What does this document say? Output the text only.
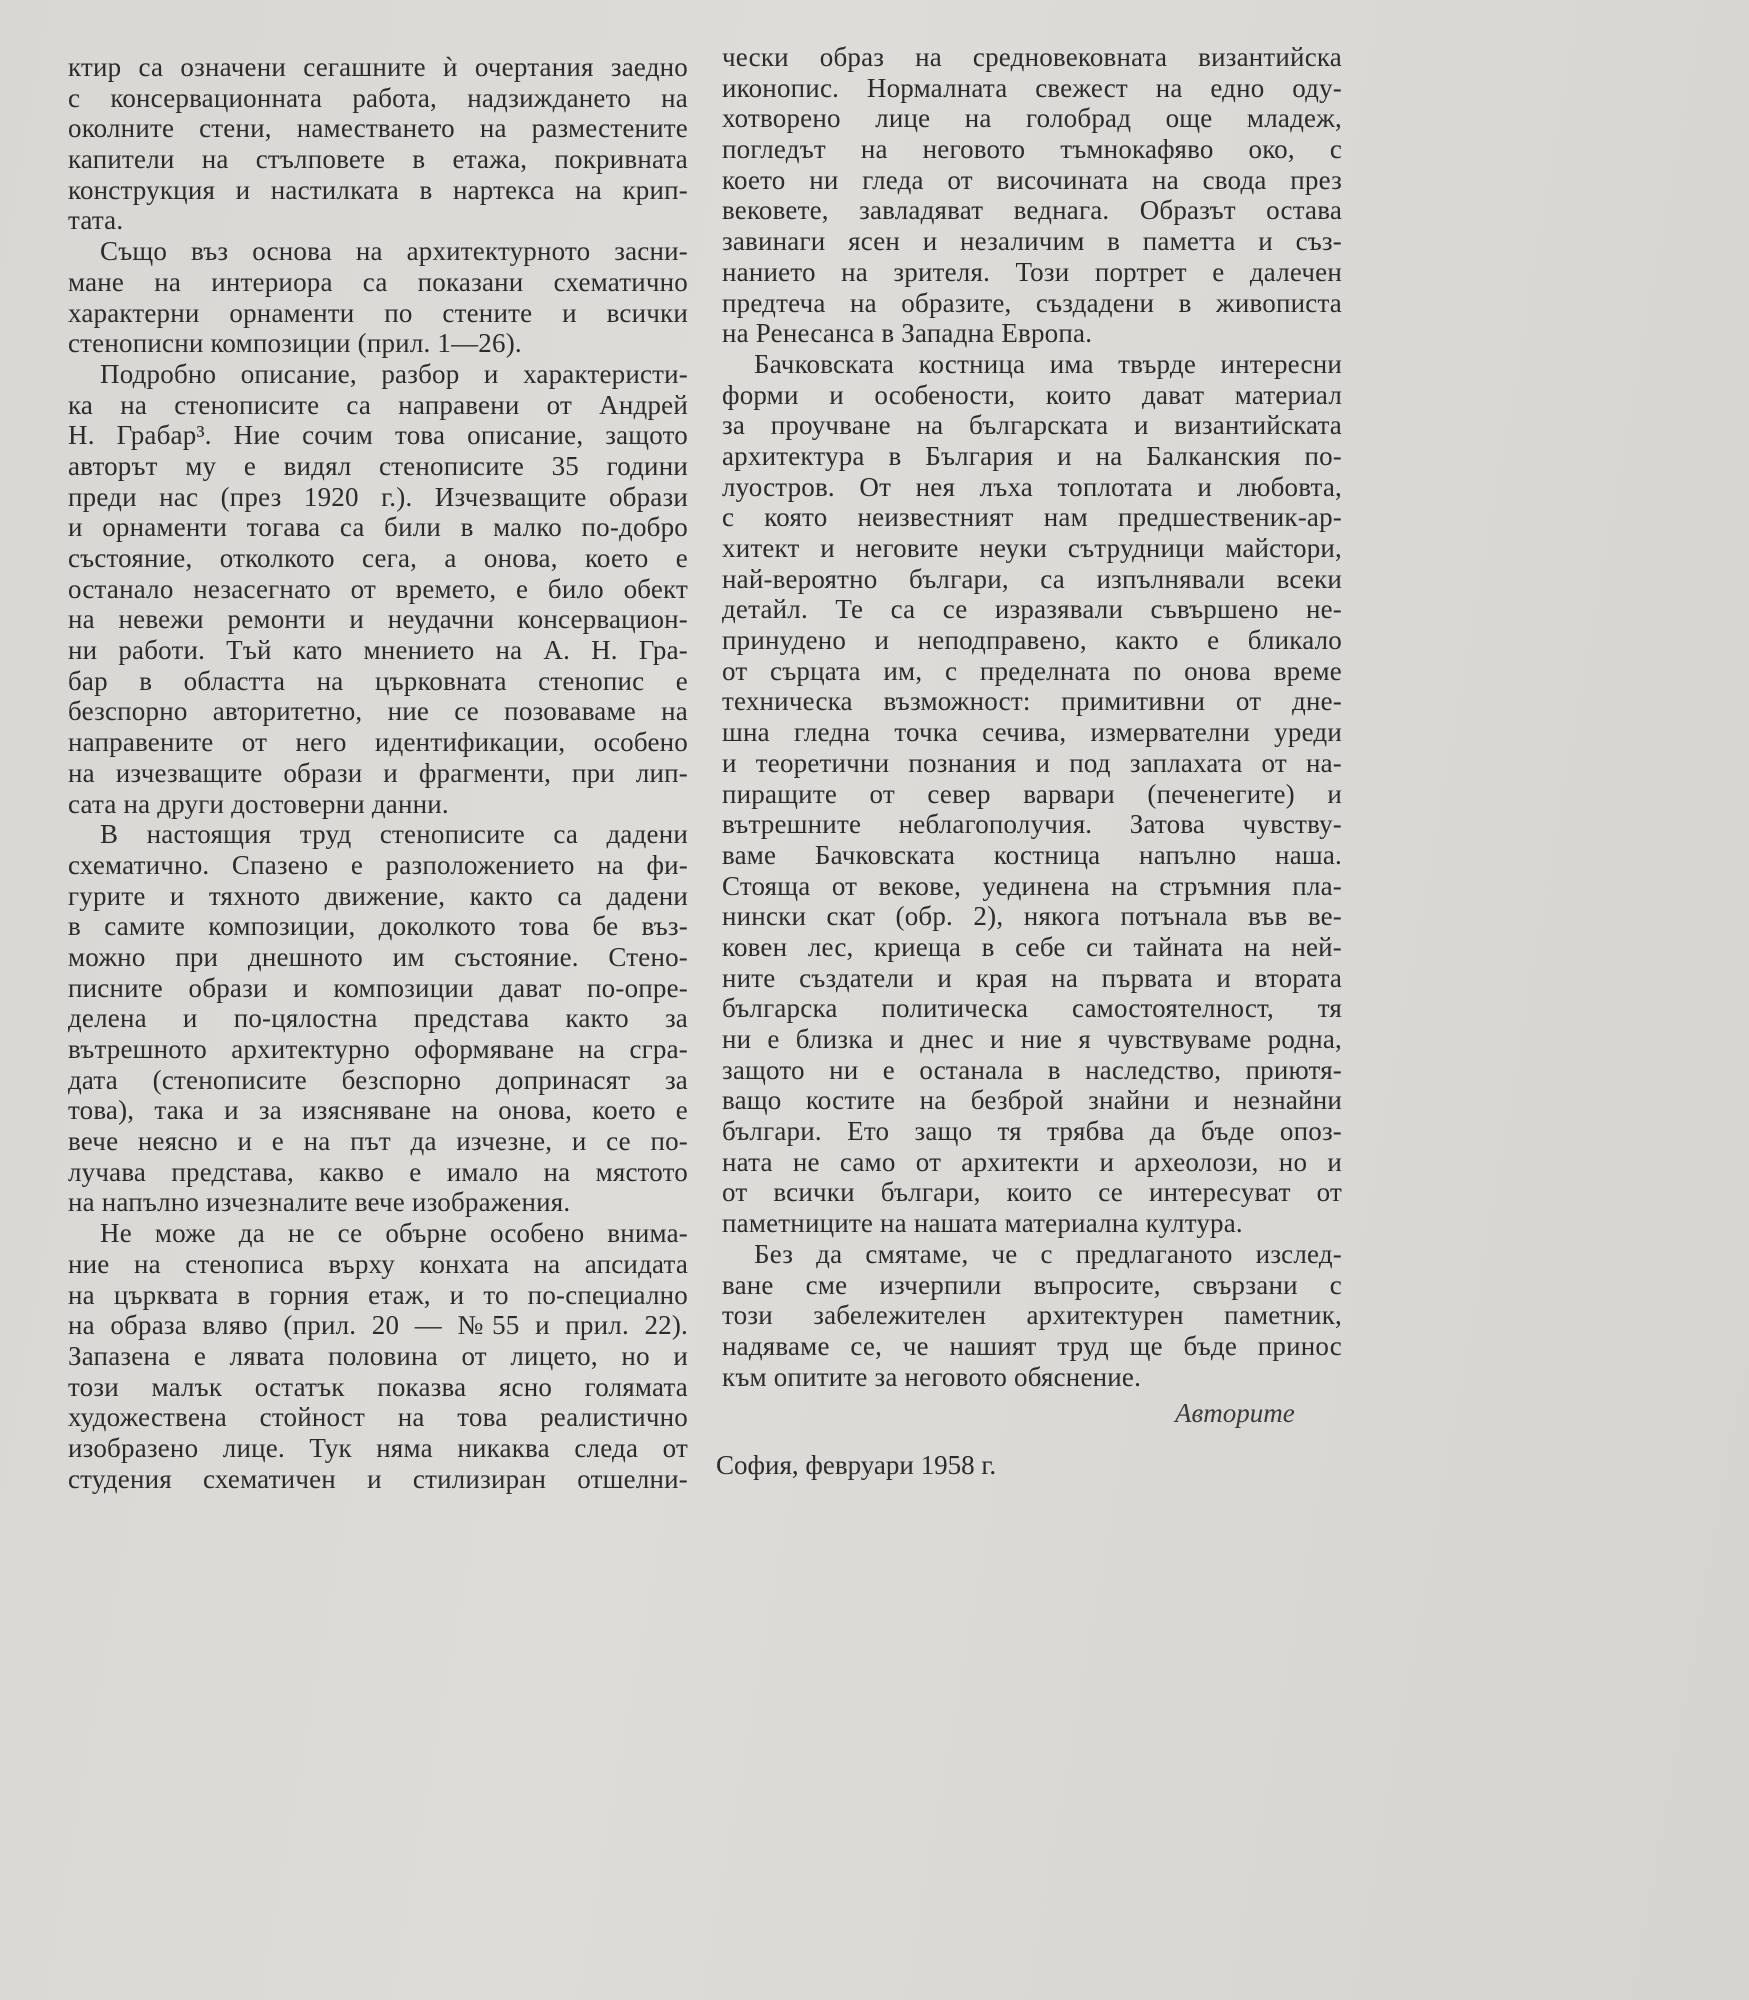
ктир са означени сегашните ѝ очертания заедно
с консервационната работа, надзиждането на
околните стени, наместването на разместените
капители на стълповете в етажа, покривната
конструкция и настилката в нартекса на крип-
тата.
Също въз основа на архитектурното засни-
мане на интериора са показани схематично
характерни орнаменти по стените и всички
стенописни композиции (прил. 1—26).
Подробно описание, разбор и характеристи-
ка на стенописите са направени от Андрей
Н. Грабар³. Ние сочим това описание, защото
авторът му е видял стенописите 35 години
преди нас (през 1920 г.). Изчезващите образи
и орнаменти тогава са били в малко по-добро
състояние, отколкото сега, а онова, което е
останало незасегнато от времето, е било обект
на невежи ремонти и неудачни консервацион-
ни работи. Тъй като мнението на А. Н. Гра-
бар в областта на църковната стенопис е
безспорно авторитетно, ние се позоваваме на
направените от него идентификации, особено
на изчезващите образи и фрагменти, при лип-
сата на други достоверни данни.
В настоящия труд стенописите са дадени
схематично. Спазено е разположението на фи-
гурите и тяхното движение, както са дадени
в самите композиции, доколкото това бе въз-
можно при днешното им състояние. Стено-
писните образи и композиции дават по-опре-
делена и по-цялостна представа както за
вътрешното архитектурно оформяване на сгра-
дата (стенописите безспорно допринасят за
това), така и за изясняване на онова, което е
вече неясно и е на път да изчезне, и се по-
лучава представа, какво е имало на мястото
на напълно изчезналите вече изображения.
Не може да не се обърне особено внима-
ние на стенописа върху конхата на апсидата
на църквата в горния етаж, и то по-специално
на образа вляво (прил. 20 — №55 и прил. 22).
Запазена е лявата половина от лицето, но и
този малък остатък показва ясно голямата
художествена стойност на това реалистично
изобразено лице. Тук няма никаква следа от
студения схематичен и стилизиран отшелни-
чески образ на средновековната византийска
иконопис. Нормалната свежест на едно оду-
хотворено лице на голобрад още младеж,
погледът на неговото тъмнокафяво око, с
което ни гледа от височината на свода през
вековете, завладяват веднага. Образът остава
завинаги ясен и незаличим в паметта и съз-
нанието на зрителя. Този портрет е далечен
предтеча на образите, създадени в живописта
на Ренесанса в Западна Европа.
Бачковската костница има твърде интересни
форми и особености, които дават материал
за проучване на българската и византийската
архитектура в България и на Балканския по-
луостров. От нея лъха топлотата и любовта,
с която неизвестният нам предшественик-ар-
хитект и неговите неуки сътрудници майстори,
най-вероятно българи, са изпълнявали всеки
детайл. Те са се изразявали съвършено не-
принудено и неподправено, както е бликало
от сърцата им, с пределната по онова време
техническа възможност: примитивни от дне-
шна гледна точка сечива, измервателни уреди
и теоретични познания и под заплахата от на-
пиращите от север варвари (печенегите) и
вътрешните неблагополучия. Затова чувству-
ваме Бачковската костница напълно наша.
Стояща от векове, уединена на стръмния пла-
нински скат (обр. 2), някога потънала във ве-
ковен лес, криеща в себе си тайната на ней-
ните създатели и края на първата и втората
българска политическа самостоятелност, тя
ни е близка и днес и ние я чувствуваме родна,
защото ни е останала в наследство, приютя-
ващо костите на безброй знайни и незнайни
българи. Ето защо тя трябва да бъде опоз-
ната не само от архитекти и археолози, но и
от всички българи, които се интересуват от
паметниците на нашата материална култура.
Без да смятаме, че с предлаганото изслед-
ване сме изчерпили въпросите, свързани с
този забележителен архитектурен паметник,
надяваме се, че нашият труд ще бъде принос
към опитите за неговото обяснение.
Авторите
София, февруари 1958 г.
